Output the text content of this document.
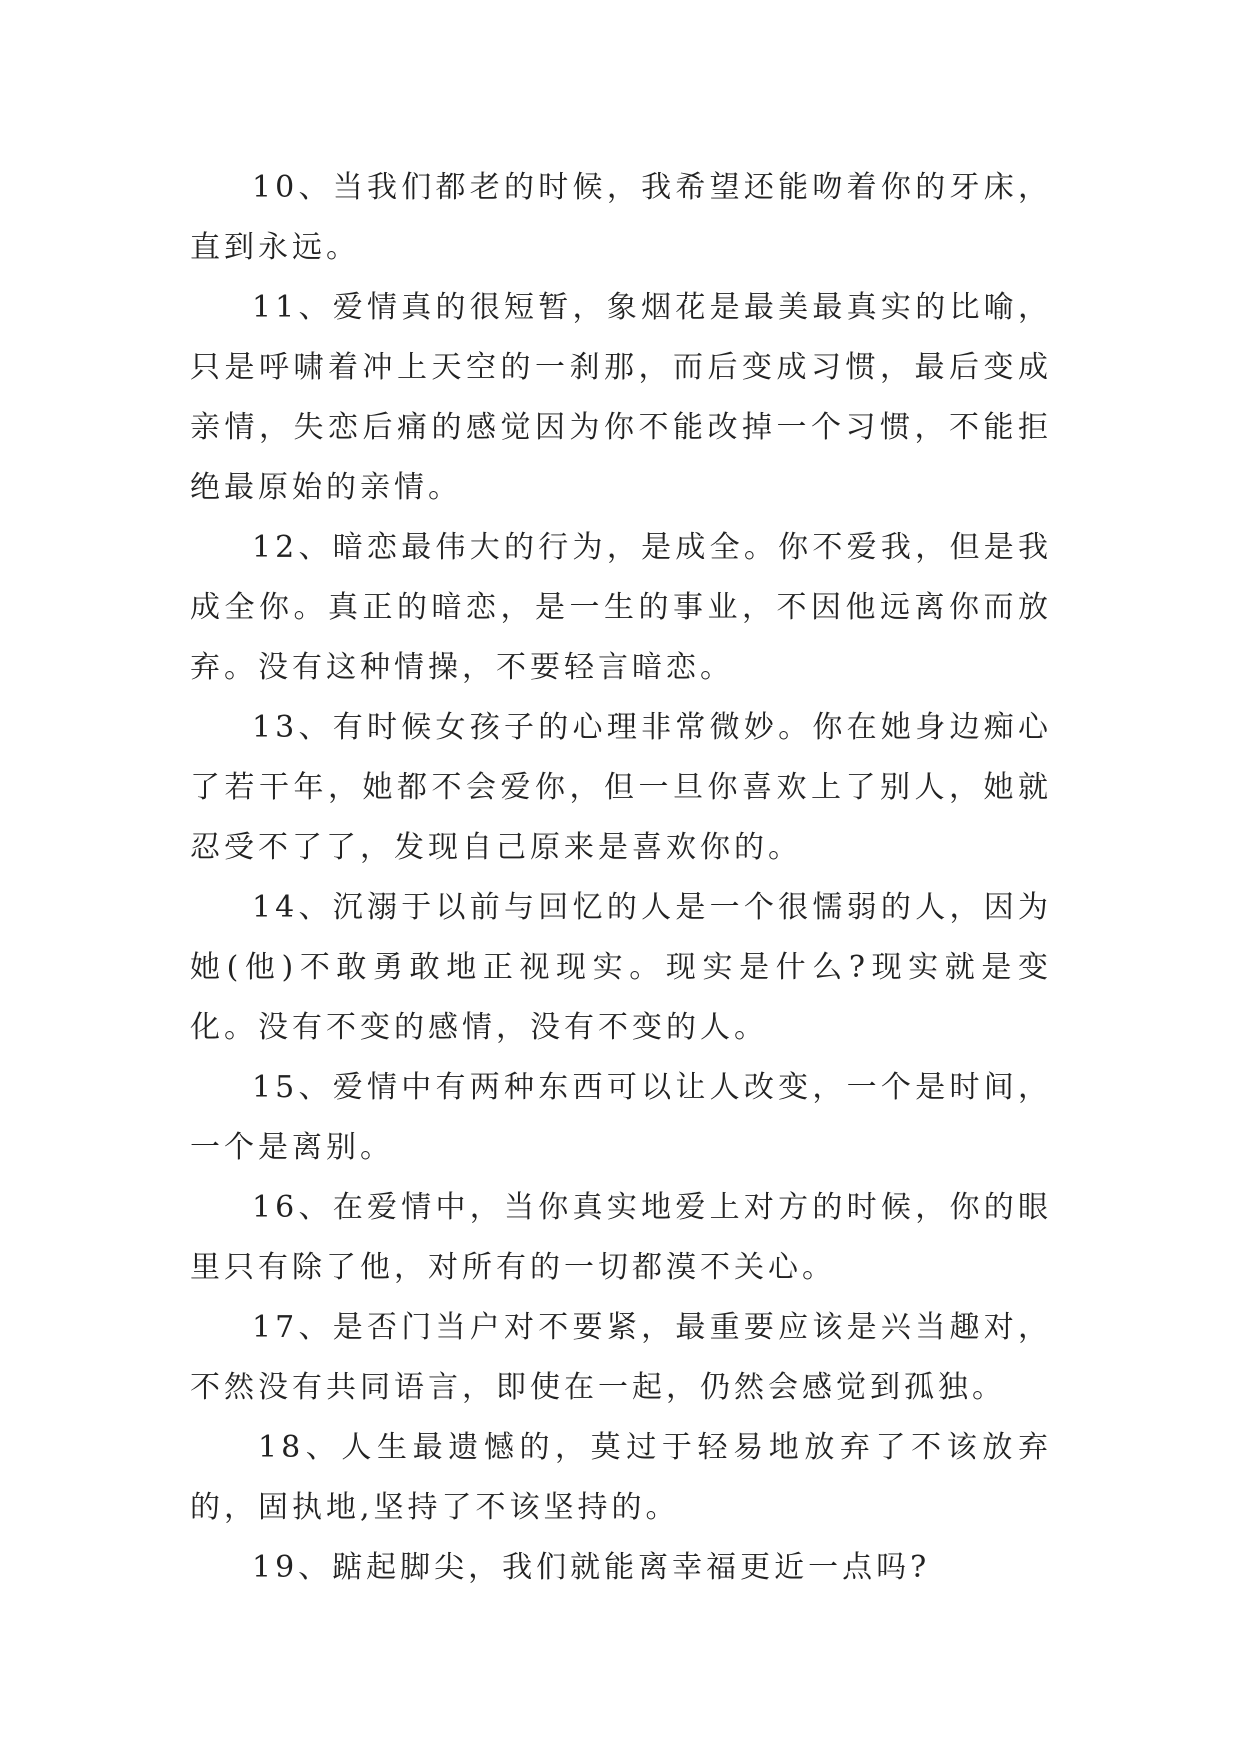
10、当我们都老的时候，我希望还能吻着你的牙床，直到永远。

11、爱情真的很短暂，象烟花是最美最真实的比喻，只是呼啸着冲上天空的一刹那，而后变成习惯，最后变成亲情，失恋后痛的感觉因为你不能改掉一个习惯，不能拒绝最原始的亲情。

12、暗恋最伟大的行为，是成全。你不爱我，但是我成全你。真正的暗恋，是一生的事业，不因他远离你而放弃。没有这种情操，不要轻言暗恋。

13、有时候女孩子的心理非常微妙。你在她身边痴心了若干年，她都不会爱你，但一旦你喜欢上了别人，她就忍受不了了，发现自己原来是喜欢你的。

14、沉溺于以前与回忆的人是一个很懦弱的人，因为她(他)不敢勇敢地正视现实。现实是什么?现实就是变化。没有不变的感情，没有不变的人。

15、爱情中有两种东西可以让人改变，一个是时间，一个是离别。

16、在爱情中，当你真实地爱上对方的时候，你的眼里只有除了他，对所有的一切都漠不关心。

17、是否门当户对不要紧，最重要应该是兴当趣对，不然没有共同语言，即使在一起，仍然会感觉到孤独。

18、人生最遗憾的，莫过于轻易地放弃了不该放弃的，固执地,坚持了不该坚持的。

19、踮起脚尖，我们就能离幸福更近一点吗?
